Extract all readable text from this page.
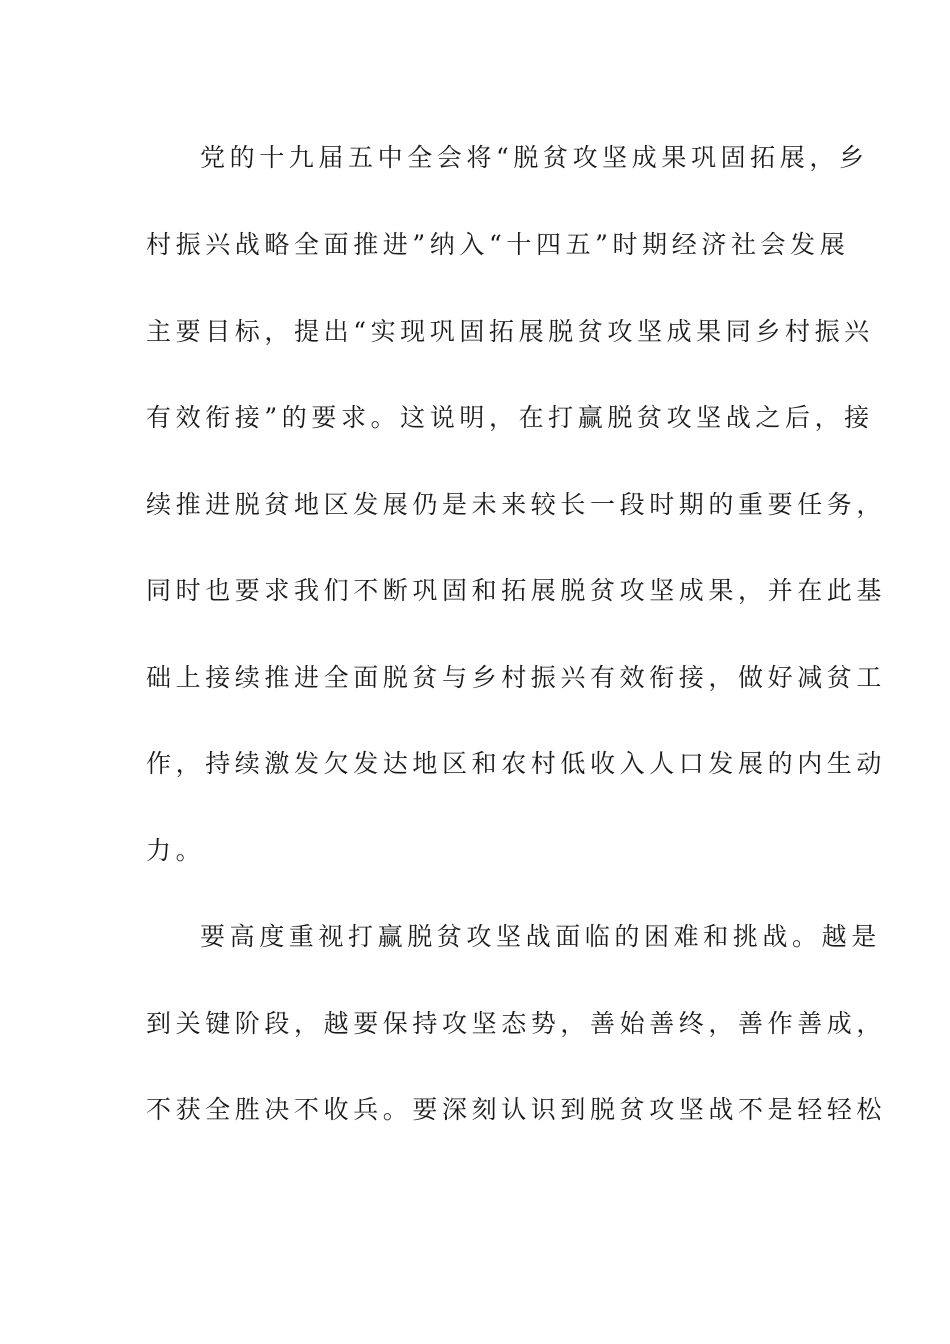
党的十九届五中全会将“脱贫攻坚成果巩固拓展，乡
村振兴战略全面推进”纳入“十四五”时期经济社会发展
主要目标，提出“实现巩固拓展脱贫攻坚成果同乡村振兴
有效衔接”的要求。这说明，在打赢脱贫攻坚战之后，接
续推进脱贫地区发展仍是未来较长一段时期的重要任务，
同时也要求我们不断巩固和拓展脱贫攻坚成果，并在此基
础上接续推进全面脱贫与乡村振兴有效衔接，做好减贫工
作，持续激发欠发达地区和农村低收入人口发展的内生动
力。
要高度重视打赢脱贫攻坚战面临的困难和挑战。越是
到关键阶段，越要保持攻坚态势，善始善终，善作善成，
不获全胜决不收兵。要深刻认识到脱贫攻坚战不是轻轻松
